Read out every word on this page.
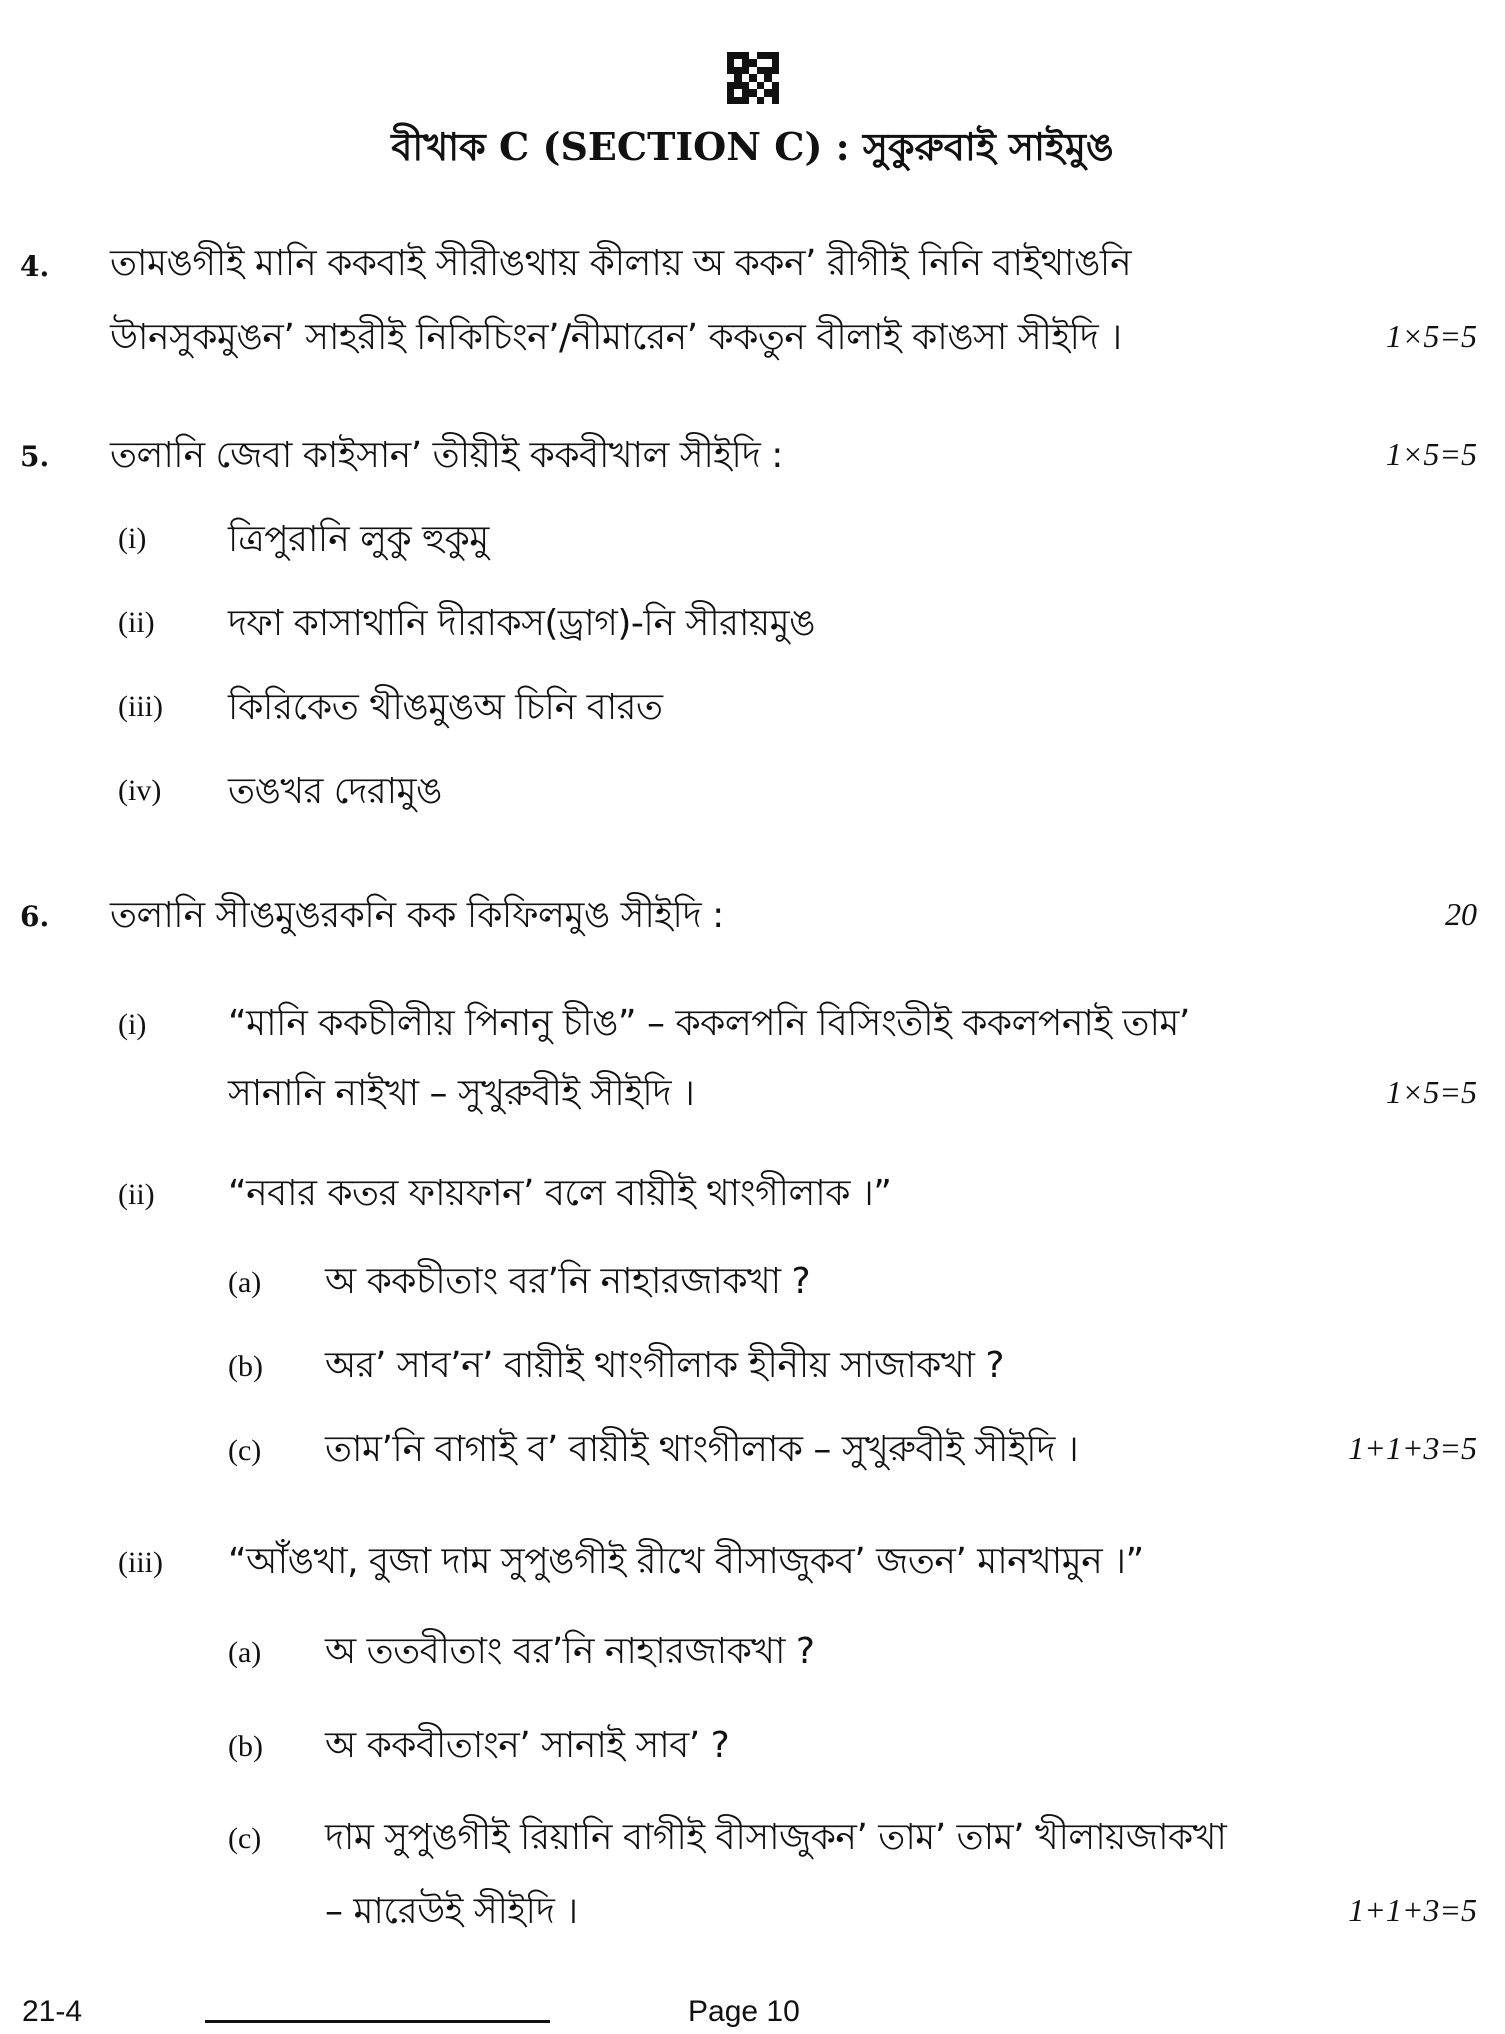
বীখাক C (SECTION C) : সুকুরুবাই সাইমুঙ
4. তামঙগীই মানি ককবাই সীরীঙথায় কীলায় অ ককন’ রীগীই নিনি বাইথাঙনি
উানসুকমুঙন’ সাহরীই নিকিচিংন’/নীমারেন’ ককতুন বীলাই কাঙসা সীইদি ।	1×5=5
5. তলানি জেবা কাইসান’ তীয়ীই ককবীখাল সীইদি :	1×5=5
(i) ত্রিপুরানি লুকু হুকুমু
(ii) দফা কাসাথানি দীরাকস(ড্রাগ)-নি সীরায়মুঙ
(iii) কিরিকেত থীঙমুঙঅ চিনি বারত
(iv) তঙখর দেরামুঙ
6. তলানি সীঙমুঙরকনি কক কিফিলমুঙ সীইদি :	20
(i) “মানি ককচীলীয় পিনানু চীঙ” – ককলপনি বিসিংতীই ককলপনাই তাম’
সানানি নাইখা – সুখুরুবীই সীইদি ।	1×5=5
(ii) “নবার কতর ফায়ফান’ বলে বায়ীই থাংগীলাক ।”
(a) অ ককচীতাং বর’নি নাহারজাকখা ?
(b) অর’ সাব’ন’ বায়ীই থাংগীলাক হীনীয় সাজাকখা ?
(c) তাম’নি বাগাই ব’ বায়ীই থাংগীলাক – সুখুরুবীই সীইদি ।	1+1+3=5
(iii) “আঁঙখা, বুজা দাম সুপুঙগীই রীখে বীসাজুকব’ জতন’ মানখামুন ।”
(a) অ ততবীতাং বর’নি নাহারজাকখা ?
(b) অ ককবীতাংন’ সানাই সাব’ ?
(c) দাম সুপুঙগীই রিয়ানি বাগীই বীসাজুকন’ তাম’ তাম’ খীলায়জাকখা
– মারেউই সীইদি ।	1+1+3=5
21-4	Page 10
